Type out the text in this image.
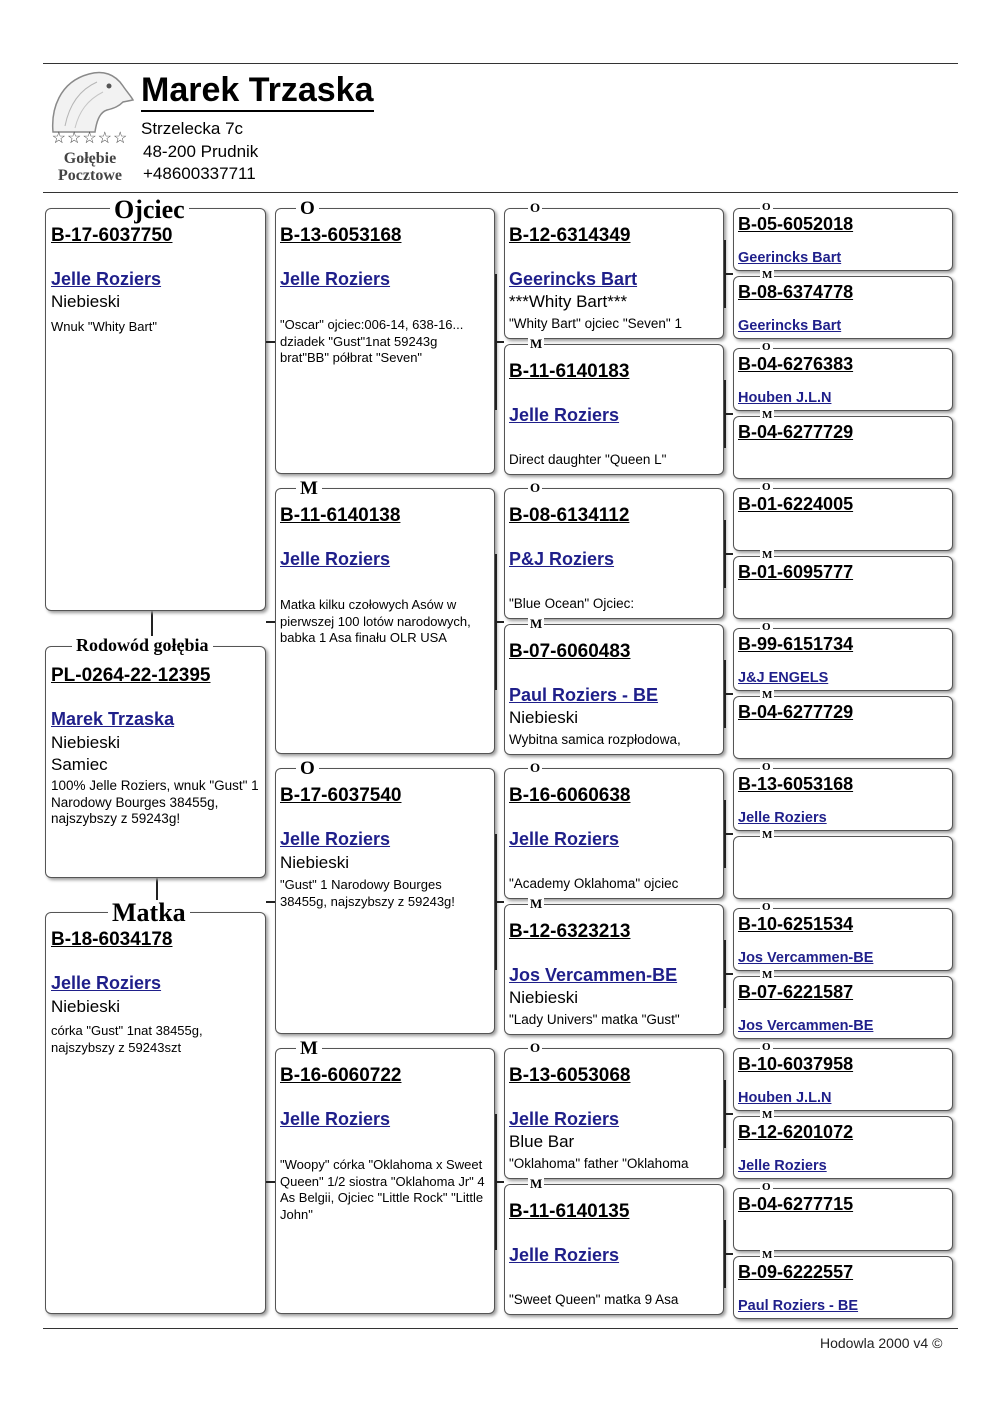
☆☆☆☆☆
Gołębie
Pocztowe
Marek Trzaska
Strzelecka 7c
48-200 Prudnik
+48600337711
B-17-6037750
Jelle Roziers
Niebieski
Wnuk "Whity Bart"
Ojciec
PL-0264-22-12395
Marek Trzaska
Niebieski
Samiec
100% Jelle Roziers, wnuk "Gust" 1 Narodowy Bourges 38455g, najszybszy z 59243g!
Rodowód gołębia
B-18-6034178
Jelle Roziers
Niebieski
córka "Gust" 1nat 38455g, najszybszy z 59243szt
Matka
B-13-6053168
Jelle Roziers
"Oscar" ojciec:006-14, 638-16... dziadek "Gust"1nat 59243g brat"BB" półbrat "Seven"
O
B-11-6140138
Jelle Roziers
Matka kilku czołowych Asów w pierwszej 100 lotów narodowych, babka 1 Asa finału OLR USA
M
B-17-6037540
Jelle Roziers
Niebieski
"Gust" 1 Narodowy Bourges 38455g, najszybszy z 59243g!
O
B-16-6060722
Jelle Roziers
"Woopy" córka "Oklahoma x Sweet Queen" 1/2 siostra "Oklahoma Jr" 4 As Belgii, Ojciec "Little Rock" "Little John"
M
B-12-6314349
Geerincks Bart
***Whity Bart***
"Whity Bart" ojciec "Seven" 1
O
B-11-6140183
Jelle Roziers
Direct daughter "Queen L"
M
B-08-6134112
P&J Roziers
"Blue Ocean" Ojciec:
O
B-07-6060483
Paul Roziers - BE
Niebieski
Wybitna samica rozpłodowa,
M
B-16-6060638
Jelle Roziers
"Academy Oklahoma" ojciec
O
B-12-6323213
Jos Vercammen-BE
Niebieski
"Lady Univers" matka "Gust"
M
B-13-6053068
Jelle Roziers
Blue Bar
"Oklahoma" father "Oklahoma
O
B-11-6140135
Jelle Roziers
"Sweet Queen" matka 9 Asa
M
B-05-6052018
Geerincks Bart
O
B-08-6374778
Geerincks Bart
M
B-04-6276383
Houben J.L.N
O
B-04-6277729
M
B-01-6224005
O
B-01-6095777
M
B-99-6151734
J&J ENGELS
O
B-04-6277729
M
B-13-6053168
Jelle Roziers
O
M
B-10-6251534
Jos Vercammen-BE
O
B-07-6221587
Jos Vercammen-BE
M
B-10-6037958
Houben J.L.N
O
B-12-6201072
Jelle Roziers
M
B-04-6277715
O
B-09-6222557
Paul Roziers - BE
M
Hodowla 2000 v4 ©
